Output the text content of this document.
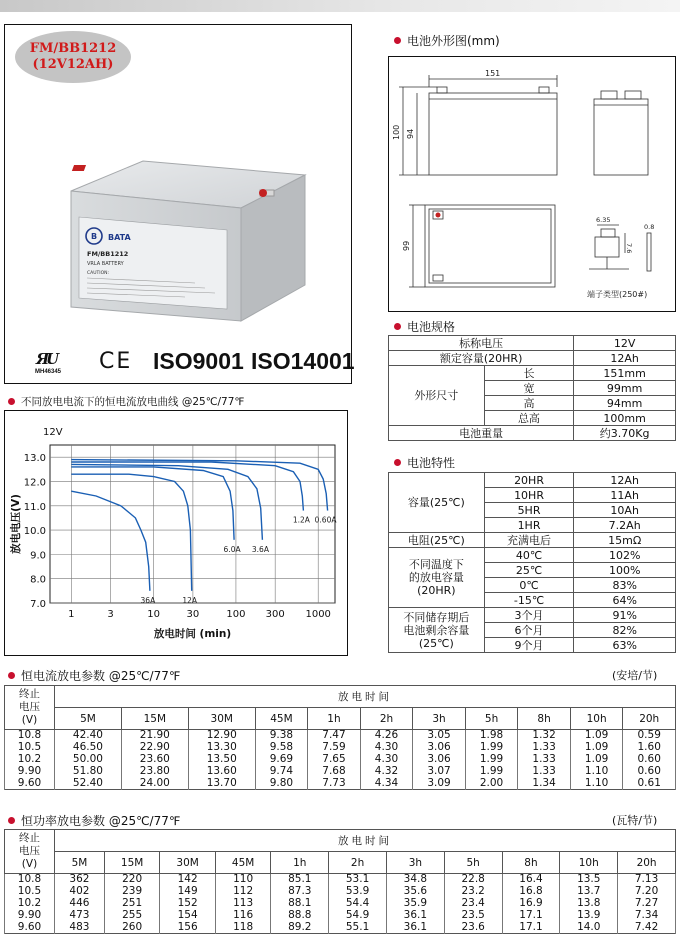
FM/BB1212
(12V12AH)
B BATA
FM/BB1212
VRLA BATTERY
CAUTION:
Я
U
MH46345 CE ISO9001 ISO14001
电池外形图(mm)
151
100 94
99
6.35
0.8
7.6
端子类型(250#)
电池规格
标称电压		12V
额定容量(20HR)		12Ah
外形尺寸	长	151mm
	宽	99mm
	高	94mm
	总高	100mm
电池重量		约3.70Kg
电池特性
容量(25℃)	20HR	12Ah
	10HR	11Ah
	5HR	10Ah
	1HR	7.2Ah
电阻(25℃)	充满电后	15mΩ

不同温度下
的放电容量
(20HR)	40℃	102%
	25℃	100%
	0℃	83%
	-15℃	64%

不同储存期后
电池剩余容量
(25℃)	3个月	91%
	6个月	82%
	9个月	63%
不同放电电流下的恒电流放电曲线 @25℃/77℉
7.0
8.0
9.0
10.0
11.0
12.0
13.0
1	3	10	30	100 300 1000
12V
放电时间 (min)
放电电压(V)
36A	12A
6.0A 3.6A
1.2A 0.60A
恒电流放电参数 @25℃/77℉	(安培/节)
终止
电压
(V)	放电时间										
	5M	15M	30M	45M	1h	2h	3h	5h	8h	10h	20h
10.8	42.40	21.90	12.90	9.38	7.47	4.26	3.05	1.98	1.32	1.09	0.59
10.5	46.50	22.90	13.30	9.58	7.59	4.30	3.06	1.99	1.33	1.09	1.60
10.2	50.00	23.60	13.50	9.69	7.65	4.30	3.06	1.99	1.33	1.09	0.60
9.90	51.80	23.80	13.60	9.74	7.68	4.32	3.07	1.99	1.33	1.10	0.60
9.60	52.40	24.00	13.70	9.80	7.73	4.34	3.09	2.00	1.34	1.10	0.61
恒功率放电参数 @25℃/77℉	(瓦特/节)
终止
电压
(V)	放电时间										
	5M	15M	30M	45M	1h	2h	3h	5h	8h	10h	20h
10.8	362	220	142	110	85.1	53.1	34.8	22.8	16.4	13.5	7.13
10.5	402	239	149	112	87.3	53.9	35.6	23.2	16.8	13.7	7.20
10.2	446	251	152	113	88.1	54.4	35.9	23.4	16.9	13.8	7.27
9.90	473	255	154	116	88.8	54.9	36.1	23.5	17.1	13.9	7.34
9.60	483	260	156	118	89.2	55.1	36.1	23.6	17.1	14.0	7.42
